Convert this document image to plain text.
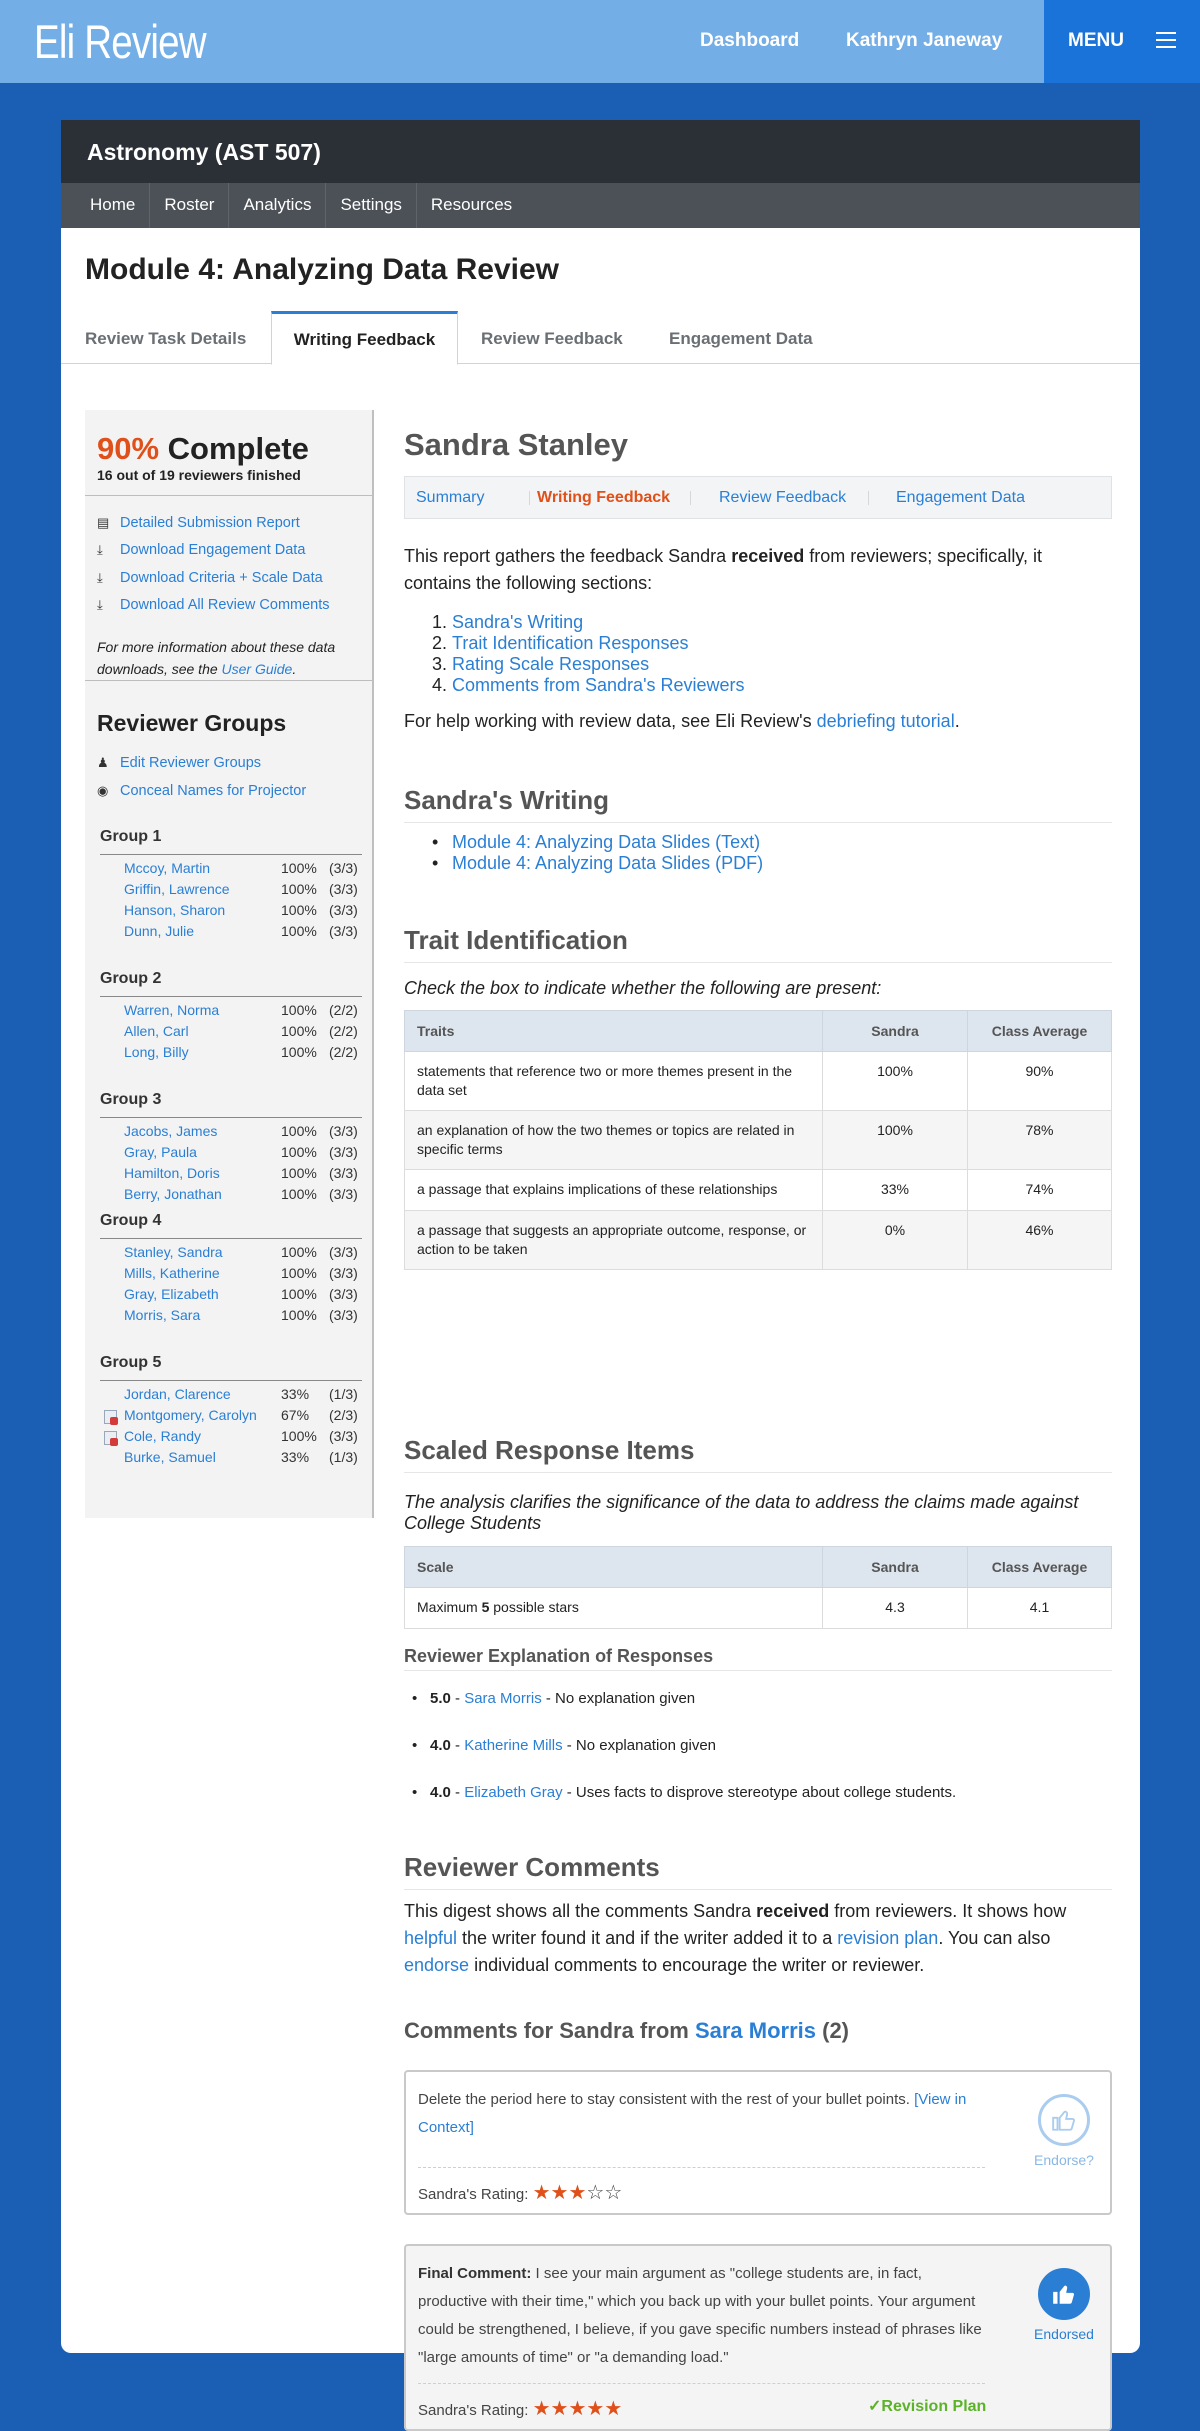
Eli Review	Dashboard Kathryn Janeway	MENU
Astronomy (AST 507)
Home	Roster	Analytics	Settings	Resources
Module 4: Analyzing Data Review
Review Task Details	Writing Feedback	Review Feedback	Engagement Data
90% Complete
16 out of 19 reviewers finished
▤ Detailed Submission Report
⤓ Download Engagement Data
⤓ Download Criteria + Scale Data
⤓ Download All Review Comments
For more information about these data downloads, see the User Guide.
Reviewer Groups
♟ Edit Reviewer Groups
◉ Conceal Names for Projector
Group 1
Mccoy, Martin	100% (3/3)
Griffin, Lawrence	100% (3/3)
Hanson, Sharon	100% (3/3)
Dunn, Julie	100% (3/3)
Group 2
Warren, Norma	100% (2/2)
Allen, Carl	100% (2/2)
Long, Billy	100% (2/2)
Group 3
Jacobs, James	100% (3/3)
Gray, Paula	100% (3/3)
Hamilton, Doris	100% (3/3)
Berry, Jonathan	100% (3/3)
Group 4
Stanley, Sandra	100% (3/3)
Mills, Katherine	100% (3/3)
Gray, Elizabeth	100% (3/3)
Morris, Sara	100% (3/3)
Group 5
Jordan, Clarence	33% (1/3)
Montgomery, Carolyn 67% (2/3)
Cole, Randy	100% (3/3)
Burke, Samuel	33% (1/3)
Sandra Stanley
Summary	Writing Feedback	Review Feedback	Engagement Data
This report gathers the feedback Sandra received from reviewers; specifically, it contains the following sections:
1. Sandra's Writing
2. Trait Identification Responses
3. Rating Scale Responses
4. Comments from Sandra's Reviewers
For help working with review data, see Eli Review's debriefing tutorial.
Sandra's Writing
• Module 4: Analyzing Data Slides (Text)
• Module 4: Analyzing Data Slides (PDF)
Trait Identification
Check the box to indicate whether the following are present:
Traits	Sandra	Class Average
statements that reference two or more themes present in the data set	100%	90%
an explanation of how the two themes or topics are related in specific terms	100%	78%
a passage that explains implications of these relationships	33%	74%
a passage that suggests an appropriate outcome, response, or action to be taken	0%	46%
Scaled Response Items
The analysis clarifies the significance of the data to address the claims made against College Students
Scale	Sandra	Class Average
Maximum 5 possible stars	4.3	4.1
Reviewer Explanation of Responses
• 5.0 - Sara Morris - No explanation given
• 4.0 - Katherine Mills - No explanation given
• 4.0 - Elizabeth Gray - Uses facts to disprove stereotype about college students.
Reviewer Comments
This digest shows all the comments Sandra received from reviewers. It shows how helpful the writer found it and if the writer added it to a revision plan. You can also endorse individual comments to encourage the writer or reviewer.
Comments for Sandra from Sara Morris (2)
Delete the period here to stay consistent with the rest of your bullet points. [View in Context]
Sandra's Rating: ★★★☆☆
Endorse?
Final Comment: I see your main argument as "college students are, in fact, productive with their time," which you back up with your bullet points. Your argument could be strengthened, I believe, if you gave specific numbers instead of phrases like "large amounts of time" or "a demanding load."
Sandra's Rating: ★★★★★	✓Revision Plan
Endorsed
